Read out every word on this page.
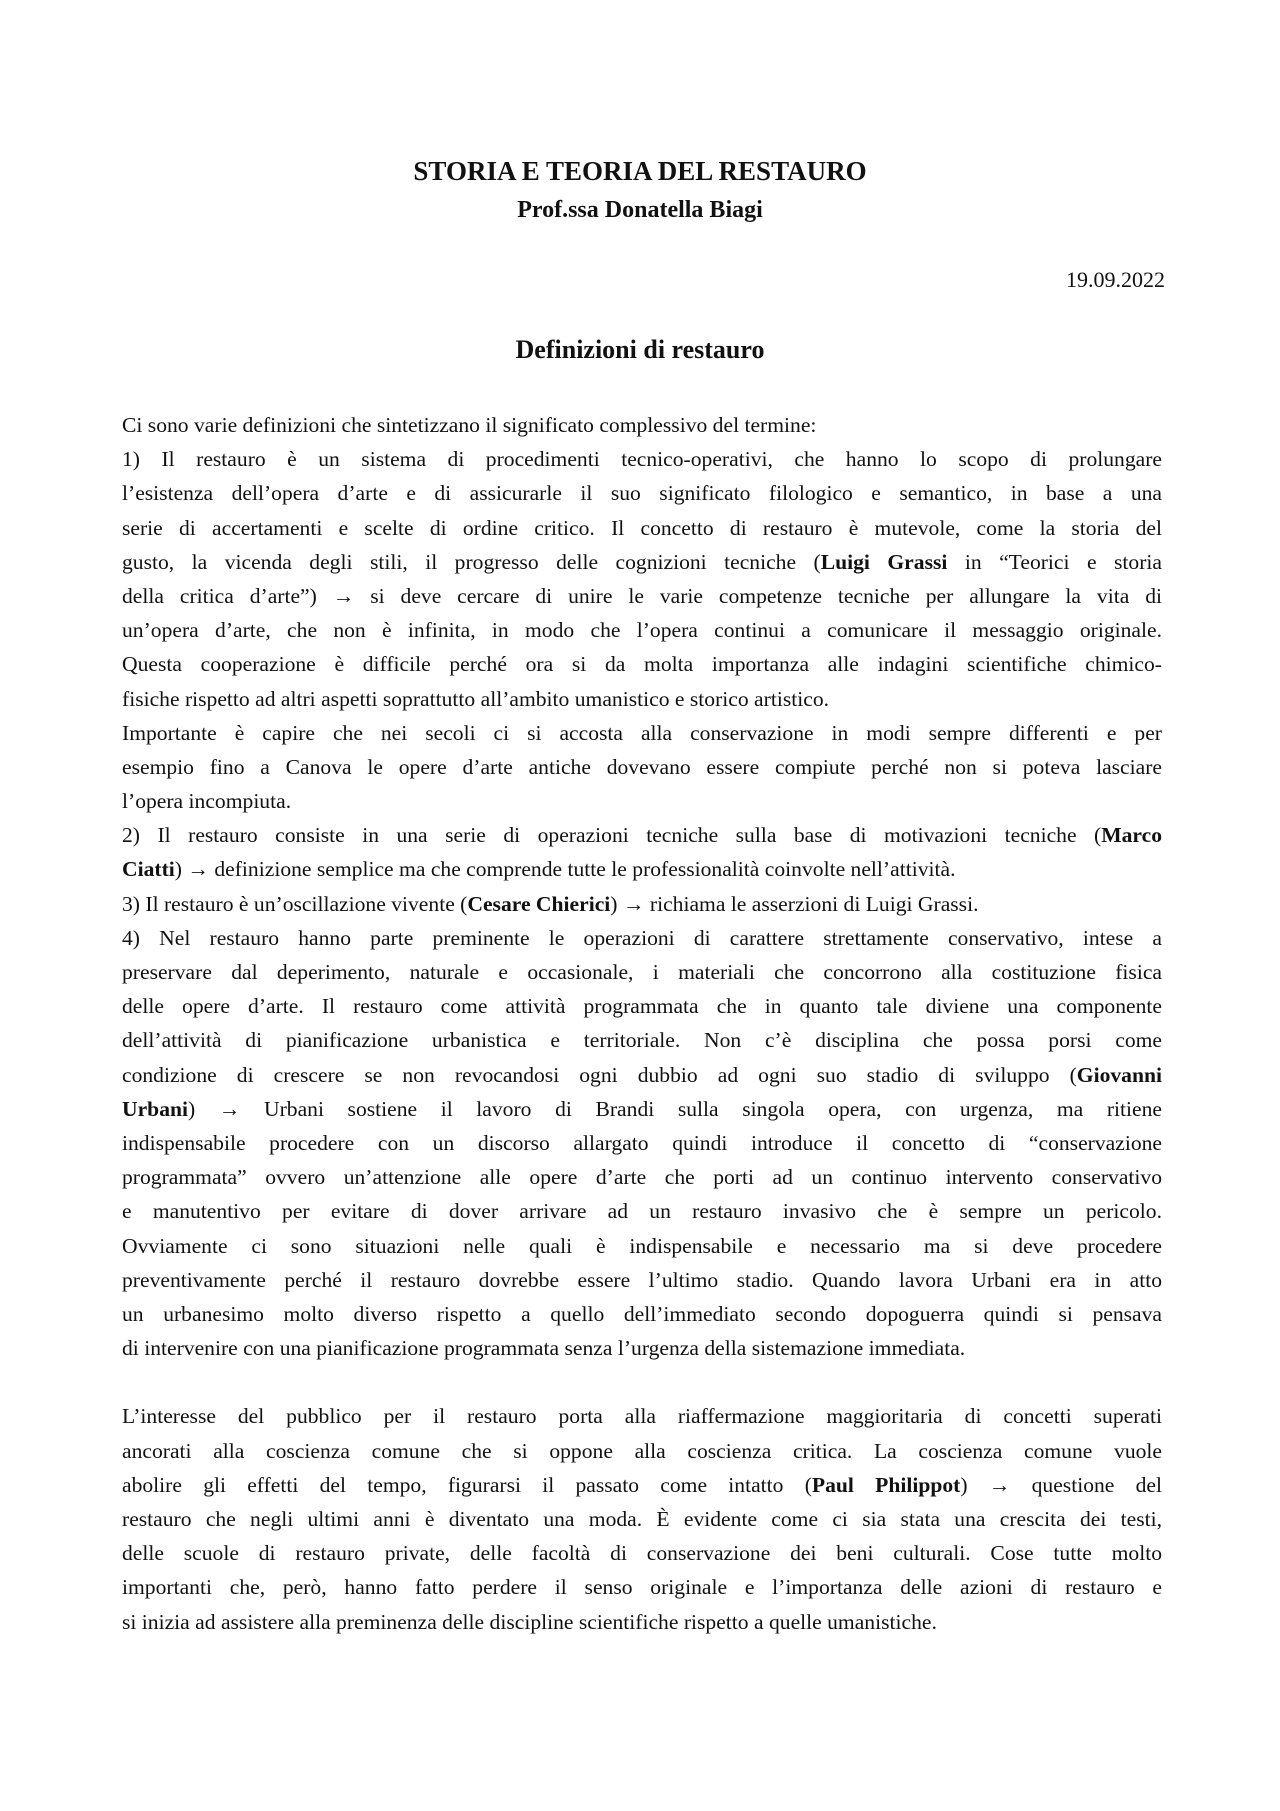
STORIA E TEORIA DEL RESTAURO
Prof.ssa Donatella Biagi
19.09.2022
Definizioni di restauro
Ci sono varie definizioni che sintetizzano il significato complessivo del termine:
1) Il restauro è un sistema di procedimenti tecnico-operativi, che hanno lo scopo di prolungare
l’esistenza dell’opera d’arte e di assicurarle il suo significato filologico e semantico, in base a una
serie di accertamenti e scelte di ordine critico. Il concetto di restauro è mutevole, come la storia del
gusto, la vicenda degli stili, il progresso delle cognizioni tecniche (Luigi Grassi in “Teorici e storia
della critica d’arte”) → si deve cercare di unire le varie competenze tecniche per allungare la vita di
un’opera d’arte, che non è infinita, in modo che l’opera continui a comunicare il messaggio originale.
Questa cooperazione è difficile perché ora si da molta importanza alle indagini scientifiche chimico-
fisiche rispetto ad altri aspetti soprattutto all’ambito umanistico e storico artistico.
Importante è capire che nei secoli ci si accosta alla conservazione in modi sempre differenti e per
esempio fino a Canova le opere d’arte antiche dovevano essere compiute perché non si poteva lasciare
l’opera incompiuta.
2) Il restauro consiste in una serie di operazioni tecniche sulla base di motivazioni tecniche (Marco
Ciatti) → definizione semplice ma che comprende tutte le professionalità coinvolte nell’attività.
3) Il restauro è un’oscillazione vivente (Cesare Chierici) → richiama le asserzioni di Luigi Grassi.
4) Nel restauro hanno parte preminente le operazioni di carattere strettamente conservativo, intese a
preservare dal deperimento, naturale e occasionale, i materiali che concorrono alla costituzione fisica
delle opere d’arte. Il restauro come attività programmata che in quanto tale diviene una componente
dell’attività di pianificazione urbanistica e territoriale. Non c’è disciplina che possa porsi come
condizione di crescere se non revocandosi ogni dubbio ad ogni suo stadio di sviluppo (Giovanni
Urbani) → Urbani sostiene il lavoro di Brandi sulla singola opera, con urgenza, ma ritiene
indispensabile procedere con un discorso allargato quindi introduce il concetto di “conservazione
programmata” ovvero un’attenzione alle opere d’arte che porti ad un continuo intervento conservativo
e manutentivo per evitare di dover arrivare ad un restauro invasivo che è sempre un pericolo.
Ovviamente ci sono situazioni nelle quali è indispensabile e necessario ma si deve procedere
preventivamente perché il restauro dovrebbe essere l’ultimo stadio. Quando lavora Urbani era in atto
un urbanesimo molto diverso rispetto a quello dell’immediato secondo dopoguerra quindi si pensava
di intervenire con una pianificazione programmata senza l’urgenza della sistemazione immediata.
L’interesse del pubblico per il restauro porta alla riaffermazione maggioritaria di concetti superati
ancorati alla coscienza comune che si oppone alla coscienza critica. La coscienza comune vuole
abolire gli effetti del tempo, figurarsi il passato come intatto (Paul Philippot) → questione del
restauro che negli ultimi anni è diventato una moda. È evidente come ci sia stata una crescita dei testi,
delle scuole di restauro private, delle facoltà di conservazione dei beni culturali. Cose tutte molto
importanti che, però, hanno fatto perdere il senso originale e l’importanza delle azioni di restauro e
si inizia ad assistere alla preminenza delle discipline scientifiche rispetto a quelle umanistiche.
